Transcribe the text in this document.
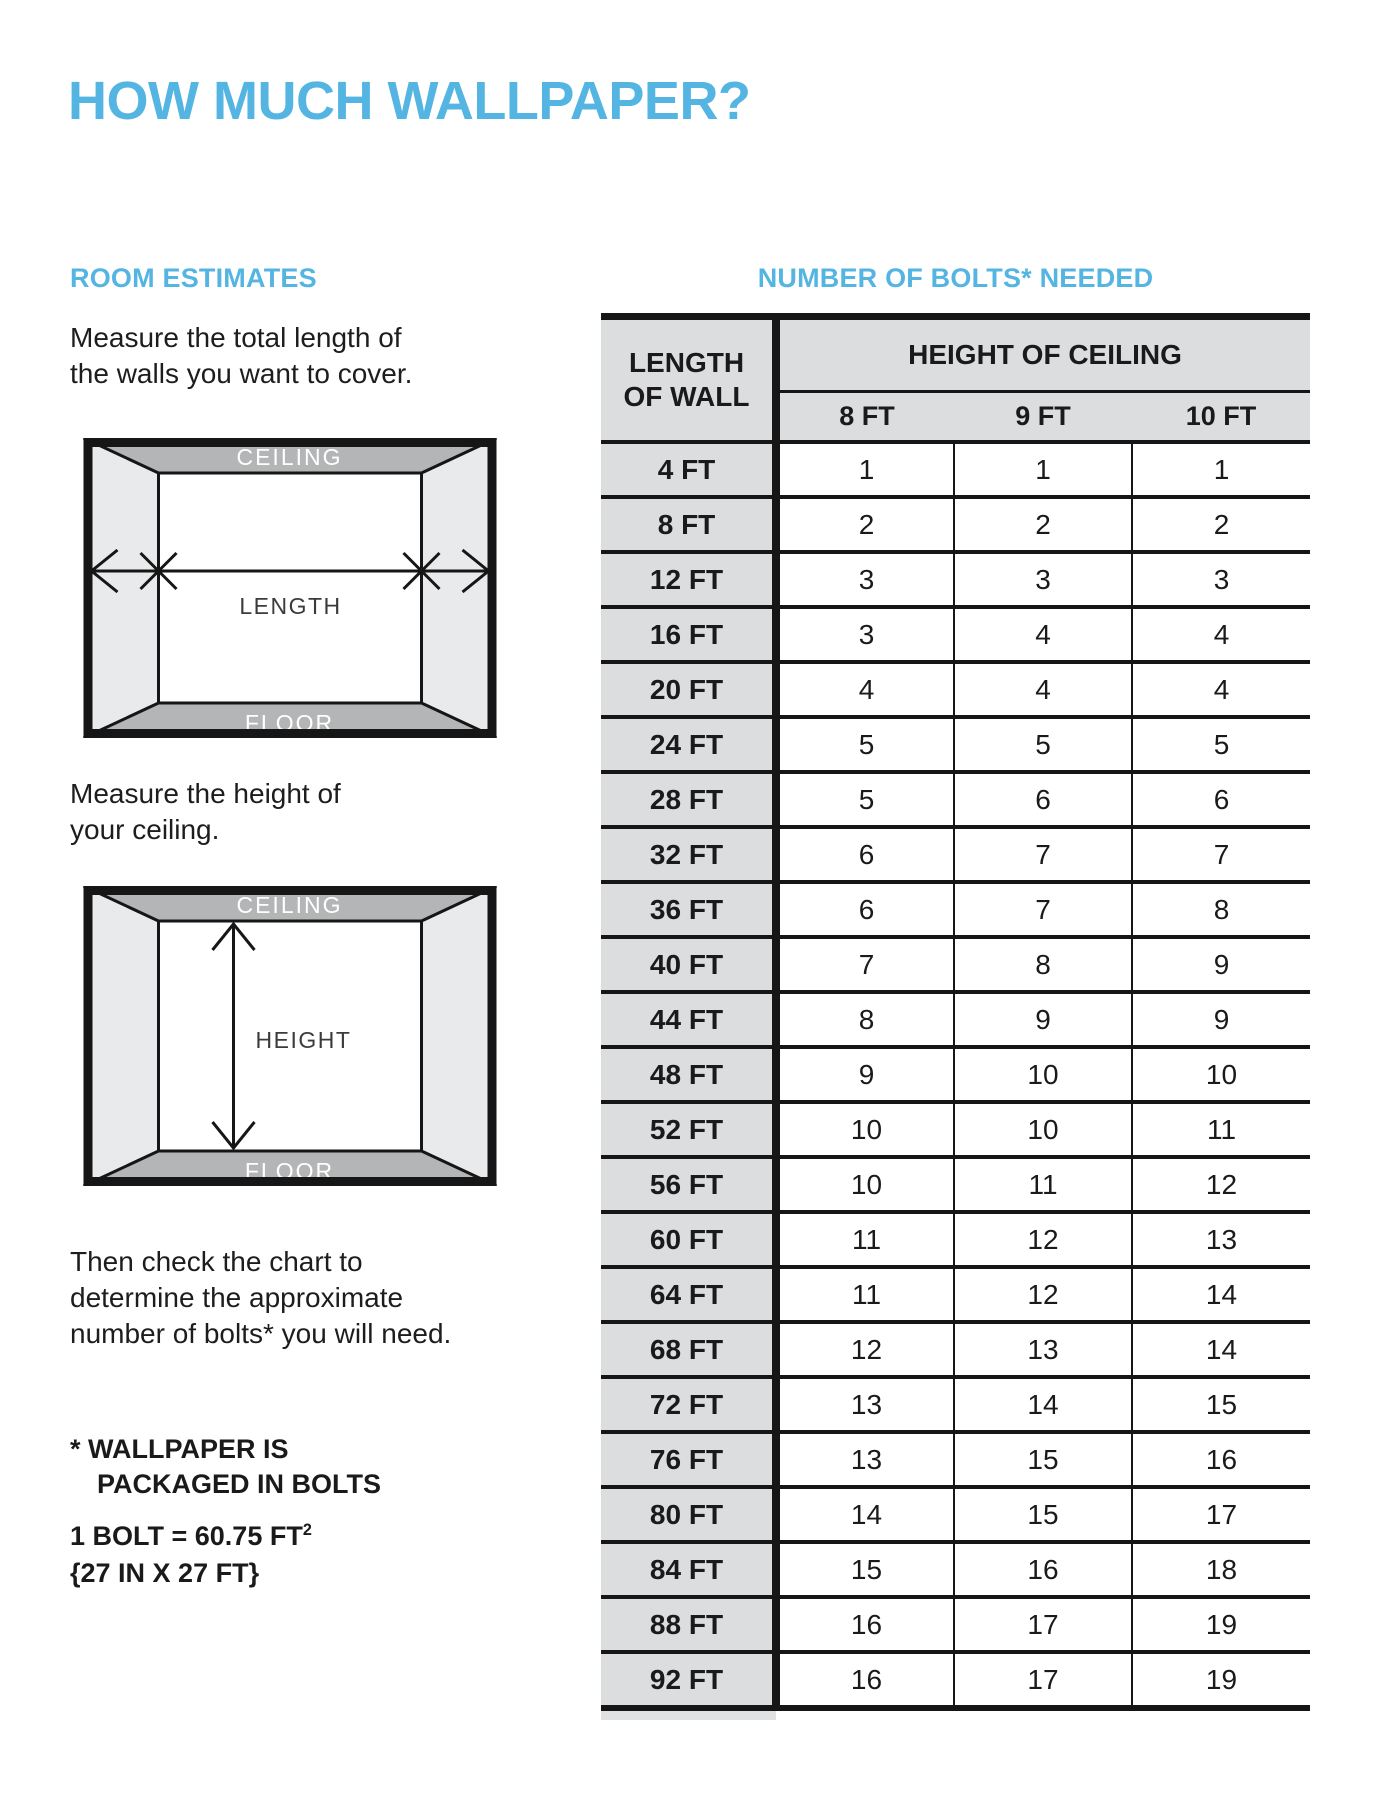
HOW MUCH WALLPAPER?
ROOM ESTIMATES
Measure the total length of
the walls you want to cover.
CEILING
FLOOR
LENGTH
Measure the height of
your ceiling.
CEILING
FLOOR
HEIGHT
Then check the chart to
determine the approximate
number of bolts* you will need.
* WALLPAPER IS
PACKAGED IN BOLTS
1 BOLT = 60.75 $FT^2$
{27 IN X 27 FT}
NUMBER OF BOLTS* NEEDED
LENGTH
OF WALL	HEIGHT OF CEILING		
	8 FT	9 FT	10 FT
4 FT	1	1	1
8 FT	2	2	2
12 FT	3	3	3
16 FT	3	4	4
20 FT	4	4	4
24 FT	5	5	5
28 FT	5	6	6
32 FT	6	7	7
36 FT	6	7	8
40 FT	7	8	9
44 FT	8	9	9
48 FT	9	10	10
52 FT	10	10	11
56 FT	10	11	12
60 FT	11	12	13
64 FT	11	12	14
68 FT	12	13	14
72 FT	13	14	15
76 FT	13	15	16
80 FT	14	15	17
84 FT	15	16	18
88 FT	16	17	19
92 FT	16	17	19
